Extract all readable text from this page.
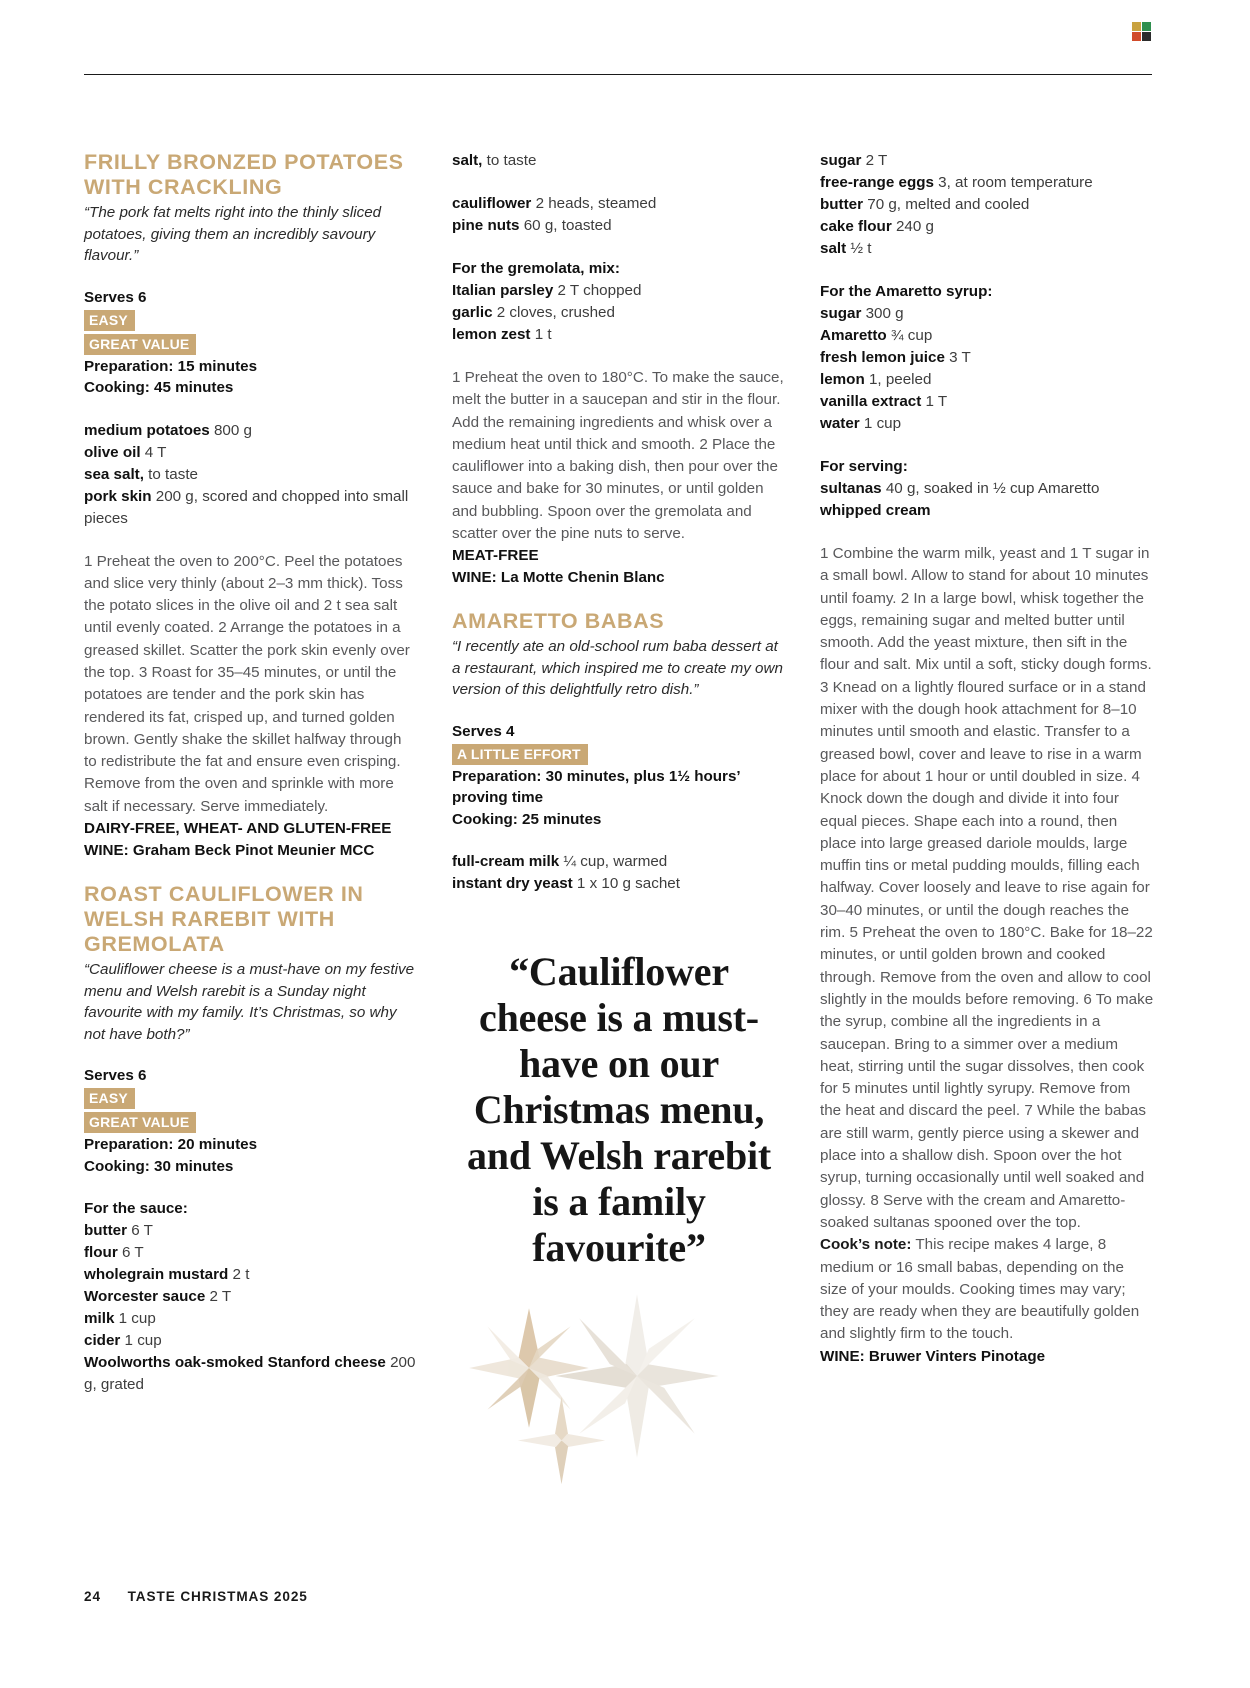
FRILLY BRONZED POTATOES WITH CRACKLING

“The pork fat melts right into the thinly sliced potatoes, giving them an incredibly savoury flavour.”

Serves 6

EASY
GREAT VALUE

Preparation: 15 minutes

Cooking: 45 minutes

medium potatoes 800 g

olive oil 4 T

sea salt, to taste

pork skin 200 g, scored and chopped into small pieces

1 Preheat the oven to 200°C. Peel the potatoes and slice very thinly (about 2–3 mm thick). Toss the potato slices in the olive oil and 2 t sea salt until evenly coated. 2 Arrange the potatoes in a greased skillet. Scatter the pork skin evenly over the top. 3 Roast for 35–45 minutes, or until the potatoes are tender and the pork skin has rendered its fat, crisped up, and turned golden brown. Gently shake the skillet halfway through to redistribute the fat and ensure even crisping. Remove from the oven and sprinkle with more salt if necessary. Serve immediately.

DAIRY-FREE, WHEAT- AND GLUTEN-FREE

WINE: Graham Beck Pinot Meunier MCC

ROAST CAULIFLOWER IN WELSH RAREBIT WITH GREMOLATA

“Cauliflower cheese is a must-have on my festive menu and Welsh rarebit is a Sunday night favourite with my family. It’s Christmas, so why not have both?”

Serves 6

EASY
GREAT VALUE

Preparation: 20 minutes

Cooking: 30 minutes

For the sauce:

butter 6 T

flour 6 T

wholegrain mustard 2 t

Worcester sauce 2 T

milk 1 cup

cider 1 cup

Woolworths oak-smoked Stanford cheese 200 g, grated

salt, to taste

cauliflower 2 heads, steamed

pine nuts 60 g, toasted

For the gremolata, mix:

Italian parsley 2 T chopped

garlic 2 cloves, crushed

lemon zest 1 t

1 Preheat the oven to 180°C. To make the sauce, melt the butter in a saucepan and stir in the flour. Add the remaining ingredients and whisk over a medium heat until thick and smooth. 2 Place the cauliflower into a baking dish, then pour over the sauce and bake for 30 minutes, or until golden and bubbling. Spoon over the gremolata and scatter over the pine nuts to serve.

MEAT-FREE

WINE: La Motte Chenin Blanc

AMARETTO BABAS

“I recently ate an old-school rum baba dessert at a restaurant, which inspired me to create my own version of this delightfully retro dish.”

Serves 4

A LITTLE EFFORT

Preparation: 30 minutes, plus 1½ hours’ proving time

Cooking: 25 minutes

full-cream milk ¼ cup, warmed

instant dry yeast 1 x 10 g sachet

“Cauliflower cheese is a must-have on our Christmas menu, and Welsh rarebit is a family favourite”

sugar 2 T

free-range eggs 3, at room temperature

butter 70 g, melted and cooled

cake flour 240 g

salt ½ t

For the Amaretto syrup:

sugar 300 g

Amaretto ¾ cup

fresh lemon juice 3 T

lemon 1, peeled

vanilla extract 1 T

water 1 cup

For serving:

sultanas 40 g, soaked in ½ cup Amaretto

whipped cream

1 Combine the warm milk, yeast and 1 T sugar in a small bowl. Allow to stand for about 10 minutes until foamy. 2 In a large bowl, whisk together the eggs, remaining sugar and melted butter until smooth. Add the yeast mixture, then sift in the flour and salt. Mix until a soft, sticky dough forms. 3 Knead on a lightly floured surface or in a stand mixer with the dough hook attachment for 8–10 minutes until smooth and elastic. Transfer to a greased bowl, cover and leave to rise in a warm place for about 1 hour or until doubled in size. 4 Knock down the dough and divide it into four equal pieces. Shape each into a round, then place into large greased dariole moulds, large muffin tins or metal pudding moulds, filling each halfway. Cover loosely and leave to rise again for 30–40 minutes, or until the dough reaches the rim. 5 Preheat the oven to 180°C. Bake for 18–22 minutes, or until golden brown and cooked through. Remove from the oven and allow to cool slightly in the moulds before removing. 6 To make the syrup, combine all the ingredients in a saucepan. Bring to a simmer over a medium heat, stirring until the sugar dissolves, then cook for 5 minutes until lightly syrupy. Remove from the heat and discard the peel. 7 While the babas are still warm, gently pierce using a skewer and place into a shallow dish. Spoon over the hot syrup, turning occasionally until well soaked and glossy. 8 Serve with the cream and Amaretto-soaked sultanas spooned over the top.

Cook’s note: This recipe makes 4 large, 8 medium or 16 small babas, depending on the size of your moulds. Cooking times may vary; they are ready when they are beautifully golden and slightly firm to the touch.

WINE: Bruwer Vinters Pinotage

24 TASTE CHRISTMAS 2025
